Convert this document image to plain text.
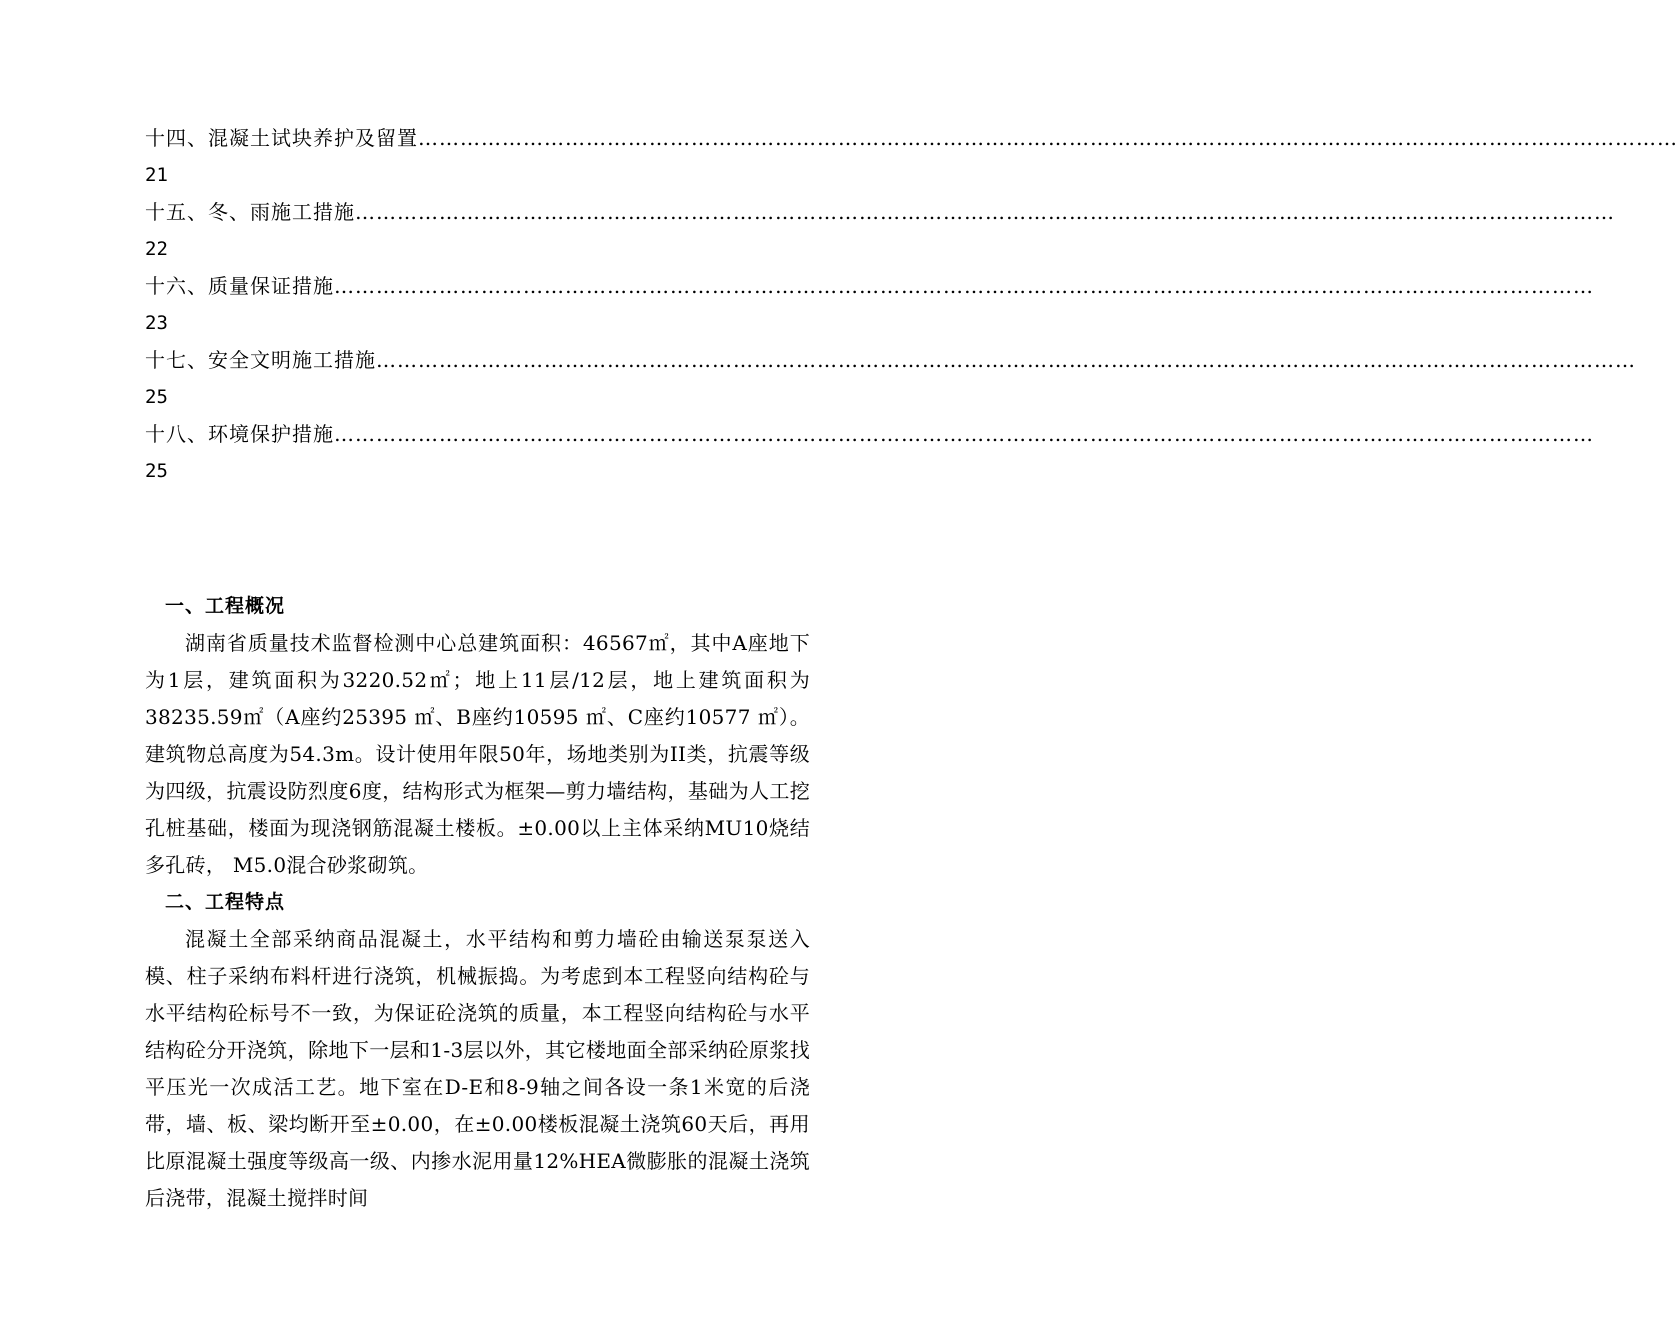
十四、混凝土试块养护及留置………………………………………………………………………………………………………………………………………………………………
21
十五、冬、雨施工措施………………………………………………………………………………………………………………………………………………………………
22
十六、质量保证措施………………………………………………………………………………………………………………………………………………………………
23
十七、安全文明施工措施………………………………………………………………………………………………………………………………………………………………
25
十八、环境保护措施………………………………………………………………………………………………………………………………………………………………
25
一、工程概况

湖南省质量技术监督检测中心总建筑面积：46567㎡，其中A座地下为1层，建筑面积为3220.52㎡；地上11层/12层，地上建筑面积为38235.59㎡（A座约25395 ㎡、B座约10595 ㎡、C座约10577 ㎡）。建筑物总高度为54.3m。设计使用年限50年，场地类别为II类，抗震等级为四级，抗震设防烈度6度，结构形式为框架—剪力墙结构，基础为人工挖孔桩基础，楼面为现浇钢筋混凝土楼板。±0.00以上主体采纳MU10烧结多孔砖， M5.0混合砂浆砌筑。

二、工程特点

混凝土全部采纳商品混凝土，水平结构和剪力墙砼由输送泵泵送入模、柱子采纳布料杆进行浇筑，机械振捣。为考虑到本工程竖向结构砼与水平结构砼标号不一致，为保证砼浇筑的质量，本工程竖向结构砼与水平结构砼分开浇筑，除地下一层和1-3层以外，其它楼地面全部采纳砼原浆找平压光一次成活工艺。地下室在D-E和8-9轴之间各设一条1米宽的后浇带，墙、板、梁均断开至±0.00，在±0.00楼板混凝土浇筑60天后，再用比原混凝土强度等级高一级、内掺水泥用量12%HEA微膨胀的混凝土浇筑后浇带，混凝土搅拌时间
